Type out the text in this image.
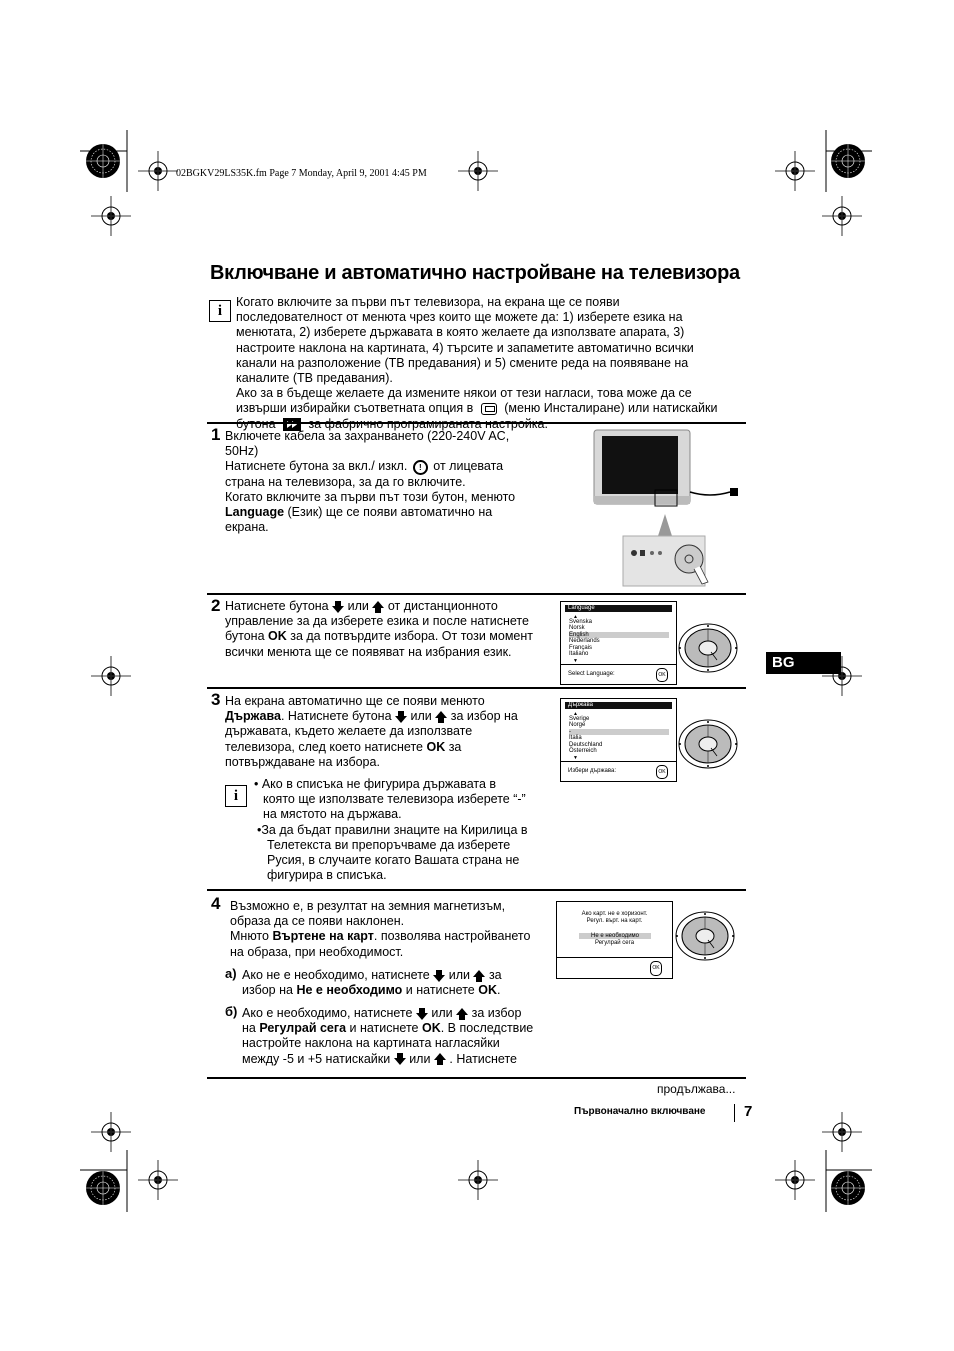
02BGKV29LS35K.fm Page 7 Monday, April 9, 2001 4:45 PM
Включване и автоматично настройване на телевизора
i
Когато включите за първи път телевизора, на екрана ще се появи
последователност от менюта чрез които ще можете да: 1) изберете езика на
менютата, 2) изберете държавата в която желаете да използвате апарата, 3)
настроите наклона на картината, 4) търсите и запаметите автоматично всички
канали на разположение (ТВ предавания) и 5) смените реда на появяване на
каналите (ТВ предавания).
Ако за в бъдеще желаете да измените някои от тези нагласи, това може да се
извърши избирайки съответната опция в (меню Инсталиране) или натискайки
1 Включете кабела за захранването (220-240V AC,
50Hz)
Натиснете бутона за вкл./ изкл. ! от лицевата
страна на телевизора, за да го включите.
Когато включите за първи път този бутон, менюто
Language (Език) ще се появи автоматично на
екрана.
2 Натиснете бутона или от дистанционното
управление за да изберете езика и после натиснете
бутона OK за да потвърдите избора. От този момент
всички менюта ще се появяват на избрания език.
Language
▲
Svenska
Norsk
English
Nederlands
Français
Italiano
▼
Select Language:	OK
3 На екрана автоматично ще се появи менюто
Държава. Натиснете бутона или за избор на
държавата, където желаете да използвате
телевизора, след което натиснете OK за
потвърждаване на избора.
Държава
▲
Sverige
Norge
-
Italia
Deutschland
Österreich
▼
Избери държава:	OK
i
• Ако в списъка не фигурира държавата в
която ще използвате телевизора изберете “-”
на мястото на държава.
•За да бъдат правилни знаците на Кирилица в
Телетекста ви препоръчваме да изберете
Русия, в случаите когато Вашата страна не
фигурира в списъка.
4 Възможно е, в резултат на земния магнетизъм,
образа да се появи наклонен.
Мнюто Въртене на карт. позволява настройването
на образа, при необходимост.
а) Ако не е необходимо, натиснете или за
избор на Не е необходимо и натиснете OK.
б) Ако е необходимо, натиснете или за избор
на Регулрай сега и натиснете OK. В последствие
настройте наклона на картината нагласяйки
между -5 и +5 натискайки или . Натиснете
Ако карт. не е хоризонт.
Регул. върт. на карт.
Не е необходимо
Регулрай сега
OK
BG
продължава...
Първоначално включване	7
